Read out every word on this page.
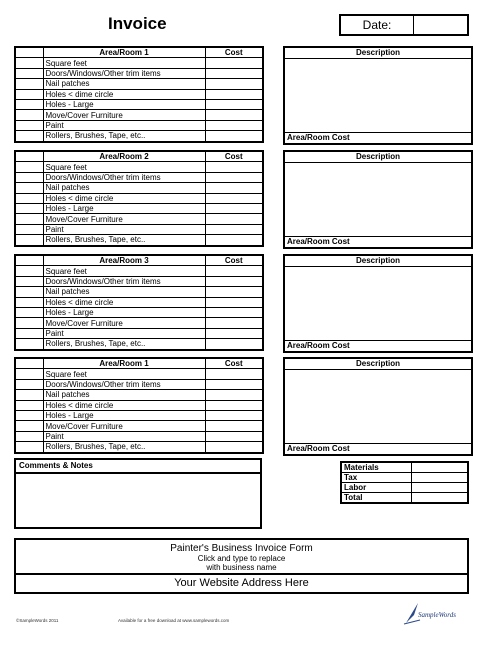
Invoice	Date:
	Area/Room 1	Cost
	Square feet	
	Doors/Windows/Other trim items	
	Nail patches	
	Holes < dime circle	
	Holes - Large	
	Move/Cover Furniture	
	Paint	
	Rollers, Brushes, Tape, etc..	
Description
Area/Room Cost
	Area/Room 2	Cost
	Square feet	
	Doors/Windows/Other trim items	
	Nail patches	
	Holes < dime circle	
	Holes - Large	
	Move/Cover Furniture	
	Paint	
	Rollers, Brushes, Tape, etc..	
Description
Area/Room Cost
	Area/Room 3	Cost
	Square feet	
	Doors/Windows/Other trim items	
	Nail patches	
	Holes < dime circle	
	Holes - Large	
	Move/Cover Furniture	
	Paint	
	Rollers, Brushes, Tape, etc..	
Description
Area/Room Cost
	Area/Room 1	Cost
	Square feet	
	Doors/Windows/Other trim items	
	Nail patches	
	Holes < dime circle	
	Holes - Large	
	Move/Cover Furniture	
	Paint	
	Rollers, Brushes, Tape, etc..	
Description
Area/Room Cost
Comments & Notes	Materials	
Tax	
Labor	
Total	
Painter's Business Invoice Form
Click and type to replace
with business name
Your Website Address Here
©SampleWords 2011	Available for a free download at www.samplewords.com
SampleWords
